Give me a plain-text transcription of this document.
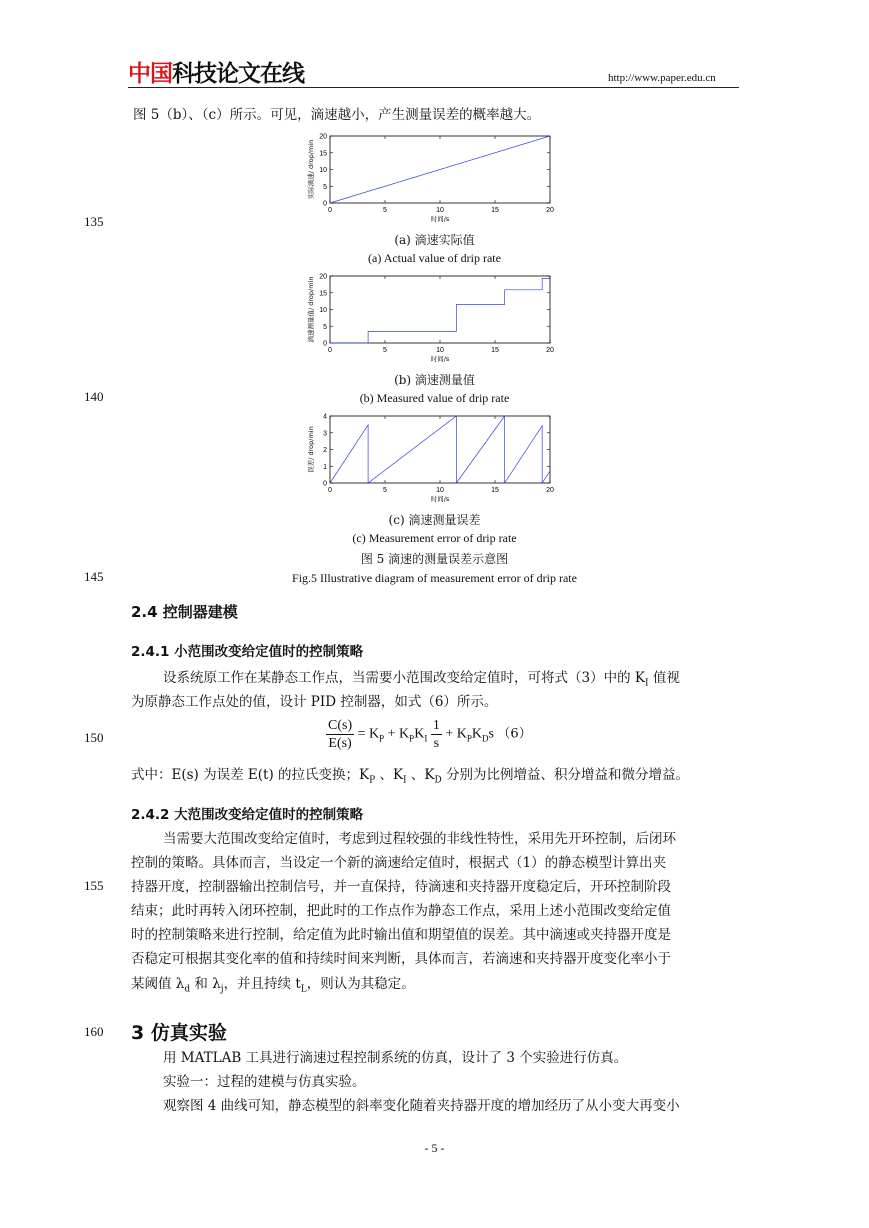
中国科技论文在线	http://www.paper.edu.cn
135
140
145
150
155
160
图 5（b）、（c）所示。可见，滴速越小，产生测量误差的概率越大。
0	5	10	15	20
0
5
10
15
20
时间/s
实际滴速/ drop/min
(a) 滴速实际值
(a) Actual value of drip rate
0	5	10	15	20
0
5
10
15
20
时间/s
滴速测量值/ drop/min
(b) 滴速测量值
(b) Measured value of drip rate
0	5	10	15	20
0
1
2
3
4
时间/s
误差/ drop/min
(c) 滴速测量误差
(c) Measurement error of drip rate
图 5 滴速的测量误差示意图
Fig.5 Illustrative diagram of measurement error of drip rate
2.4 控制器建模
2.4.1 小范围改变给定值时的控制策略
设系统原工作在某静态工作点，当需要小范围改变给定值时，可将式（3）中的 $K_I$ 值视
为原静态工作点处的值，设计 PID 控制器，如式（6）所示。
$\frac{C(s)}{E(s)} = K_P + K_PK_I \frac{1}{s} + K_PK_Ds$ （6）
式中：E(s) 为误差 E(t) 的拉氏变换；$K_P$ 、$K_I$ 、$K_D$ 分别为比例增益、积分增益和微分增益。
2.4.2 大范围改变给定值时的控制策略
当需要大范围改变给定值时，考虑到过程较强的非线性特性，采用先开环控制，后闭环
控制的策略。具体而言，当设定一个新的滴速给定值时，根据式（1）的静态模型计算出夹
持器开度，控制器输出控制信号，并一直保持，待滴速和夹持器开度稳定后，开环控制阶段
结束；此时再转入闭环控制，把此时的工作点作为静态工作点，采用上述小范围改变给定值
时的控制策略来进行控制，给定值为此时输出值和期望值的误差。其中滴速或夹持器开度是
否稳定可根据其变化率的值和持续时间来判断，具体而言，若滴速和夹持器开度变化率小于
某阈值 $\lambda_d$ 和 $\lambda_j$，并且持续 $t_L$，则认为其稳定。
3 仿真实验
用 MATLAB 工具进行滴速过程控制系统的仿真，设计了 3 个实验进行仿真。
实验一：过程的建模与仿真实验。
观察图 4 曲线可知，静态模型的斜率变化随着夹持器开度的增加经历了从小变大再变小
- 5 -
